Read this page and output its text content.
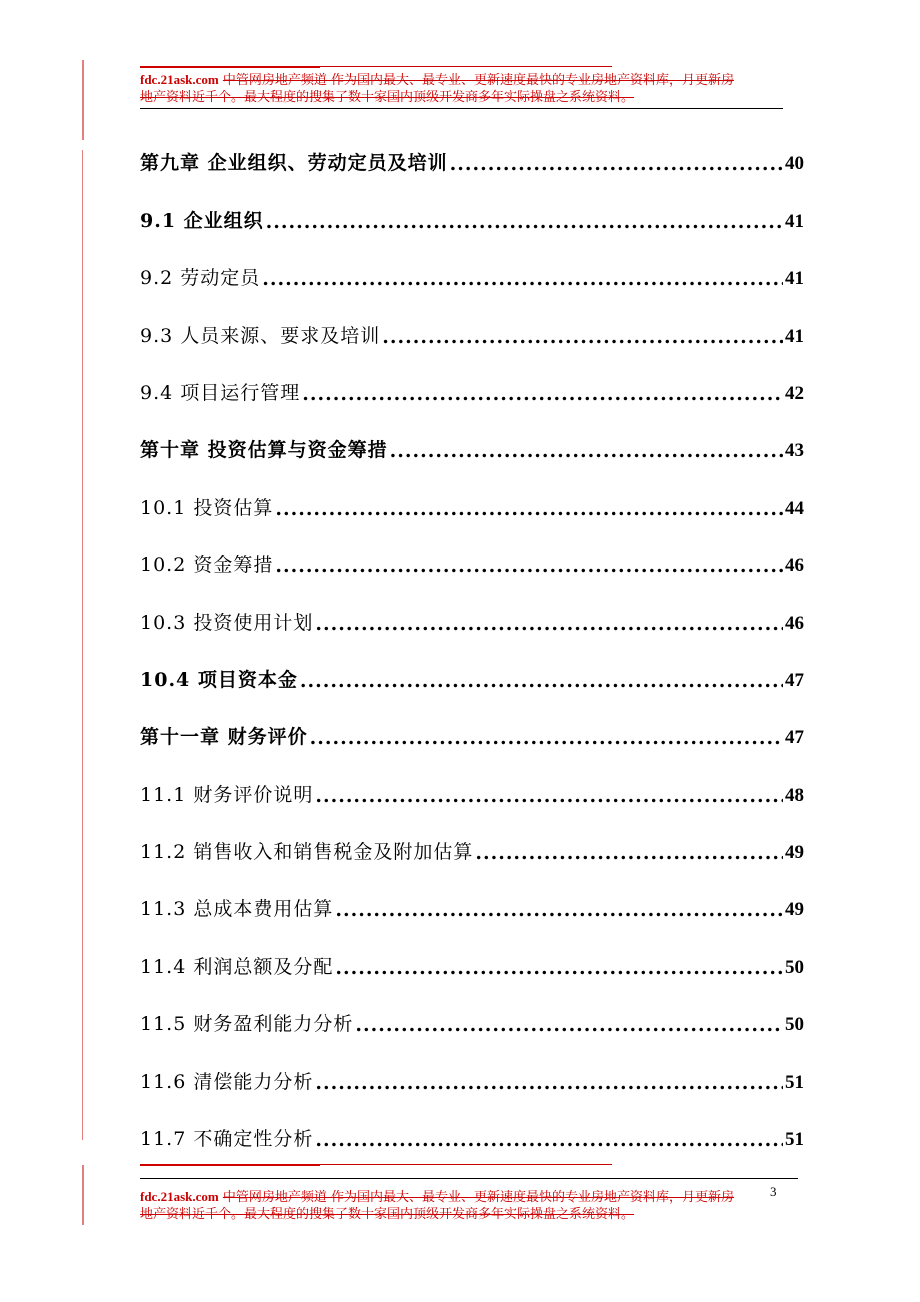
fdc.21ask.com 中管网房地产频道 作为国内最大、最专业、更新速度最快的专业房地产资料库，月更新房
地产资料近千个。最大程度的搜集了数十家国内顶级开发商多年实际操盘之系统资料。
第九章 企业组织、劳动定员及培训 .....	40
9.1 企业组织 .....	41
9.2 劳动定员 .....	41
9.3 人员来源、要求及培训 .....	41
9.4 项目运行管理 .....	42
第十章 投资估算与资金筹措 .....	43
10.1 投资估算 .....	44
10.2 资金筹措 .....	46
10.3 投资使用计划 .....	46
10.4 项目资本金 .....	47
第十一章 财务评价 .....	47
11.1 财务评价说明 .....	48
11.2 销售收入和销售税金及附加估算 .....	49
11.3 总成本费用估算 .....	49
11.4 利润总额及分配 .....	50
11.5 财务盈利能力分析 .....	50
11.6 清偿能力分析 .....	51
11.7 不确定性分析 .....	51
fdc.21ask.com 中管网房地产频道 作为国内最大、最专业、更新速度最快的专业房地产资料库，月更新房
地产资料近千个。最大程度的搜集了数十家国内顶级开发商多年实际操盘之系统资料。
3
